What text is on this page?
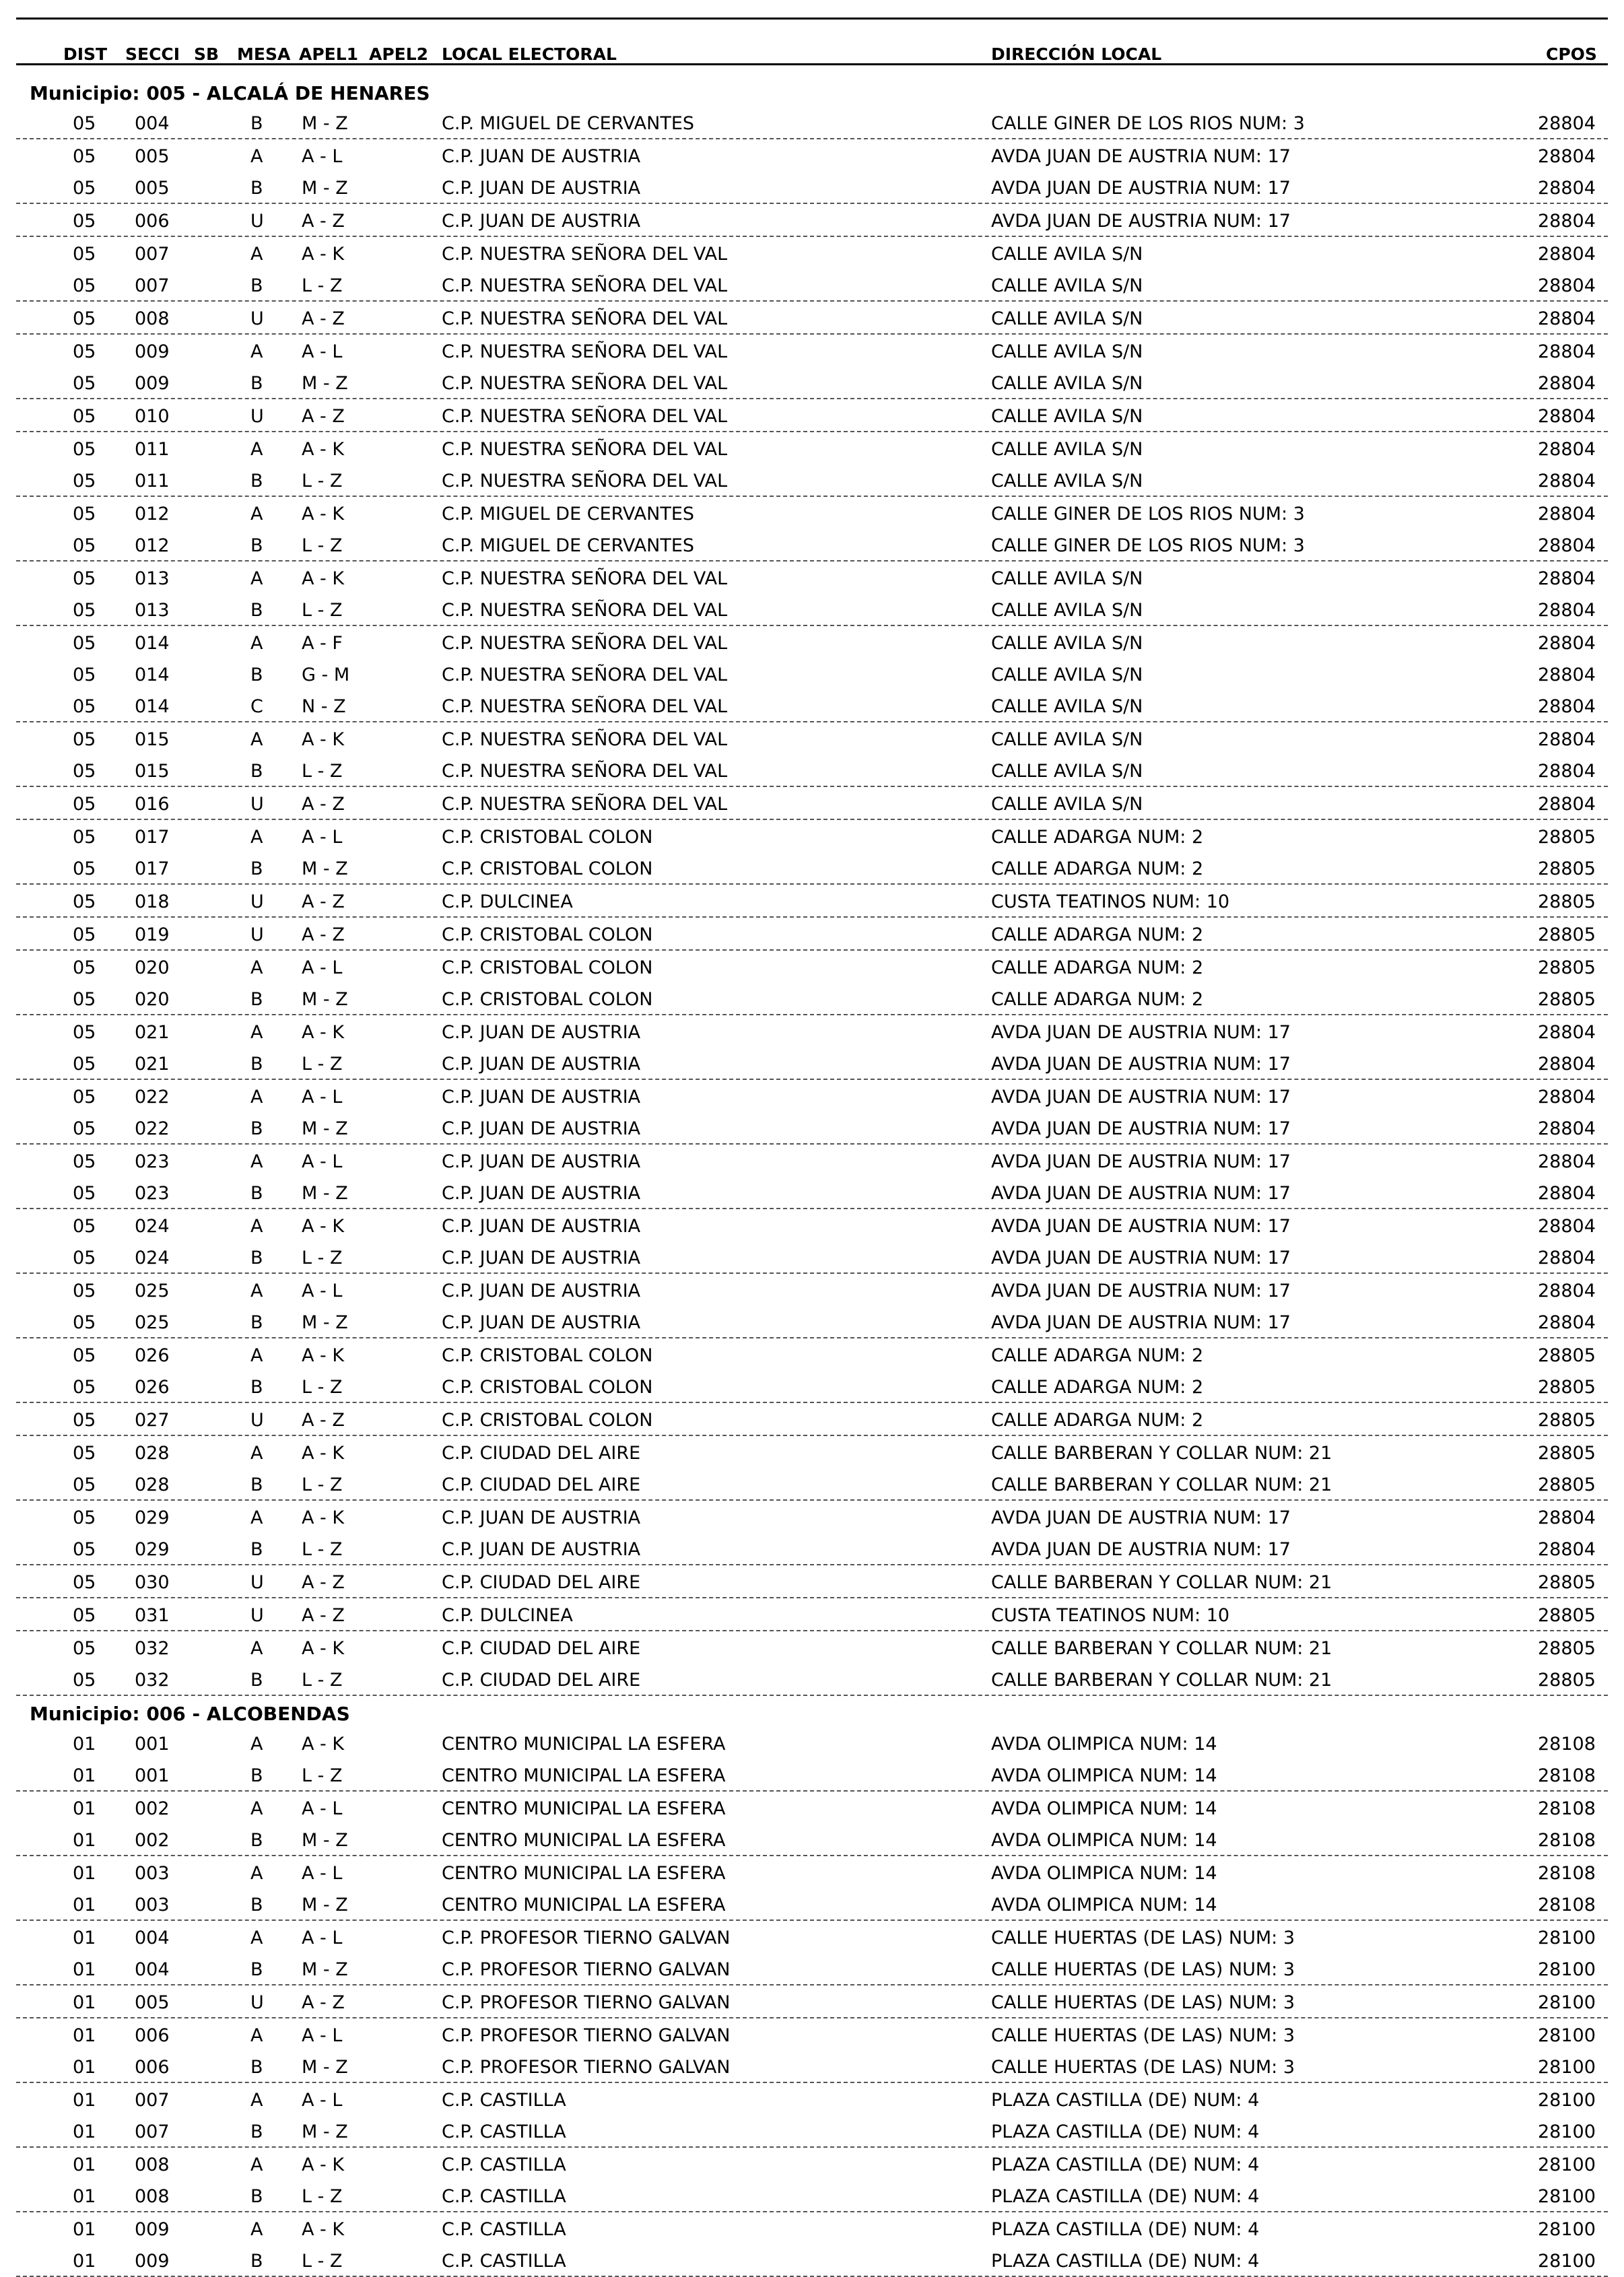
DIST SECCI SB MESA APEL1 APEL2 LOCAL ELECTORAL	DIRECCIÓN LOCAL	CPOS
Municipio: 005 - ALCALÁ DE HENARES
05	004	B	M - Z	C.P. MIGUEL DE CERVANTES	CALLE GINER DE LOS RIOS NUM: 3	28804
05	005	A	A - L	C.P. JUAN DE AUSTRIA	AVDA JUAN DE AUSTRIA NUM: 17	28804
05	005	B	M - Z	C.P. JUAN DE AUSTRIA	AVDA JUAN DE AUSTRIA NUM: 17	28804
05	006	U	A - Z	C.P. JUAN DE AUSTRIA	AVDA JUAN DE AUSTRIA NUM: 17	28804
05	007	A	A - K	C.P. NUESTRA SEÑORA DEL VAL	CALLE AVILA S/N	28804
05	007	B	L - Z	C.P. NUESTRA SEÑORA DEL VAL	CALLE AVILA S/N	28804
05	008	U	A - Z	C.P. NUESTRA SEÑORA DEL VAL	CALLE AVILA S/N	28804
05	009	A	A - L	C.P. NUESTRA SEÑORA DEL VAL	CALLE AVILA S/N	28804
05	009	B	M - Z	C.P. NUESTRA SEÑORA DEL VAL	CALLE AVILA S/N	28804
05	010	U	A - Z	C.P. NUESTRA SEÑORA DEL VAL	CALLE AVILA S/N	28804
05	011	A	A - K	C.P. NUESTRA SEÑORA DEL VAL	CALLE AVILA S/N	28804
05	011	B	L - Z	C.P. NUESTRA SEÑORA DEL VAL	CALLE AVILA S/N	28804
05	012	A	A - K	C.P. MIGUEL DE CERVANTES	CALLE GINER DE LOS RIOS NUM: 3	28804
05	012	B	L - Z	C.P. MIGUEL DE CERVANTES	CALLE GINER DE LOS RIOS NUM: 3	28804
05	013	A	A - K	C.P. NUESTRA SEÑORA DEL VAL	CALLE AVILA S/N	28804
05	013	B	L - Z	C.P. NUESTRA SEÑORA DEL VAL	CALLE AVILA S/N	28804
05	014	A	A - F	C.P. NUESTRA SEÑORA DEL VAL	CALLE AVILA S/N	28804
05	014	B	G - M	C.P. NUESTRA SEÑORA DEL VAL	CALLE AVILA S/N	28804
05	014	C	N - Z	C.P. NUESTRA SEÑORA DEL VAL	CALLE AVILA S/N	28804
05	015	A	A - K	C.P. NUESTRA SEÑORA DEL VAL	CALLE AVILA S/N	28804
05	015	B	L - Z	C.P. NUESTRA SEÑORA DEL VAL	CALLE AVILA S/N	28804
05	016	U	A - Z	C.P. NUESTRA SEÑORA DEL VAL	CALLE AVILA S/N	28804
05	017	A	A - L	C.P. CRISTOBAL COLON	CALLE ADARGA NUM: 2	28805
05	017	B	M - Z	C.P. CRISTOBAL COLON	CALLE ADARGA NUM: 2	28805
05	018	U	A - Z	C.P. DULCINEA	CUSTA TEATINOS NUM: 10	28805
05	019	U	A - Z	C.P. CRISTOBAL COLON	CALLE ADARGA NUM: 2	28805
05	020	A	A - L	C.P. CRISTOBAL COLON	CALLE ADARGA NUM: 2	28805
05	020	B	M - Z	C.P. CRISTOBAL COLON	CALLE ADARGA NUM: 2	28805
05	021	A	A - K	C.P. JUAN DE AUSTRIA	AVDA JUAN DE AUSTRIA NUM: 17	28804
05	021	B	L - Z	C.P. JUAN DE AUSTRIA	AVDA JUAN DE AUSTRIA NUM: 17	28804
05	022	A	A - L	C.P. JUAN DE AUSTRIA	AVDA JUAN DE AUSTRIA NUM: 17	28804
05	022	B	M - Z	C.P. JUAN DE AUSTRIA	AVDA JUAN DE AUSTRIA NUM: 17	28804
05	023	A	A - L	C.P. JUAN DE AUSTRIA	AVDA JUAN DE AUSTRIA NUM: 17	28804
05	023	B	M - Z	C.P. JUAN DE AUSTRIA	AVDA JUAN DE AUSTRIA NUM: 17	28804
05	024	A	A - K	C.P. JUAN DE AUSTRIA	AVDA JUAN DE AUSTRIA NUM: 17	28804
05	024	B	L - Z	C.P. JUAN DE AUSTRIA	AVDA JUAN DE AUSTRIA NUM: 17	28804
05	025	A	A - L	C.P. JUAN DE AUSTRIA	AVDA JUAN DE AUSTRIA NUM: 17	28804
05	025	B	M - Z	C.P. JUAN DE AUSTRIA	AVDA JUAN DE AUSTRIA NUM: 17	28804
05	026	A	A - K	C.P. CRISTOBAL COLON	CALLE ADARGA NUM: 2	28805
05	026	B	L - Z	C.P. CRISTOBAL COLON	CALLE ADARGA NUM: 2	28805
05	027	U	A - Z	C.P. CRISTOBAL COLON	CALLE ADARGA NUM: 2	28805
05	028	A	A - K	C.P. CIUDAD DEL AIRE	CALLE BARBERAN Y COLLAR NUM: 21	28805
05	028	B	L - Z	C.P. CIUDAD DEL AIRE	CALLE BARBERAN Y COLLAR NUM: 21	28805
05	029	A	A - K	C.P. JUAN DE AUSTRIA	AVDA JUAN DE AUSTRIA NUM: 17	28804
05	029	B	L - Z	C.P. JUAN DE AUSTRIA	AVDA JUAN DE AUSTRIA NUM: 17	28804
05	030	U	A - Z	C.P. CIUDAD DEL AIRE	CALLE BARBERAN Y COLLAR NUM: 21	28805
05	031	U	A - Z	C.P. DULCINEA	CUSTA TEATINOS NUM: 10	28805
05	032	A	A - K	C.P. CIUDAD DEL AIRE	CALLE BARBERAN Y COLLAR NUM: 21	28805
05	032	B	L - Z	C.P. CIUDAD DEL AIRE	CALLE BARBERAN Y COLLAR NUM: 21	28805
Municipio: 006 - ALCOBENDAS
01	001	A	A - K	CENTRO MUNICIPAL LA ESFERA	AVDA OLIMPICA NUM: 14	28108
01	001	B	L - Z	CENTRO MUNICIPAL LA ESFERA	AVDA OLIMPICA NUM: 14	28108
01	002	A	A - L	CENTRO MUNICIPAL LA ESFERA	AVDA OLIMPICA NUM: 14	28108
01	002	B	M - Z	CENTRO MUNICIPAL LA ESFERA	AVDA OLIMPICA NUM: 14	28108
01	003	A	A - L	CENTRO MUNICIPAL LA ESFERA	AVDA OLIMPICA NUM: 14	28108
01	003	B	M - Z	CENTRO MUNICIPAL LA ESFERA	AVDA OLIMPICA NUM: 14	28108
01	004	A	A - L	C.P. PROFESOR TIERNO GALVAN	CALLE HUERTAS (DE LAS) NUM: 3	28100
01	004	B	M - Z	C.P. PROFESOR TIERNO GALVAN	CALLE HUERTAS (DE LAS) NUM: 3	28100
01	005	U	A - Z	C.P. PROFESOR TIERNO GALVAN	CALLE HUERTAS (DE LAS) NUM: 3	28100
01	006	A	A - L	C.P. PROFESOR TIERNO GALVAN	CALLE HUERTAS (DE LAS) NUM: 3	28100
01	006	B	M - Z	C.P. PROFESOR TIERNO GALVAN	CALLE HUERTAS (DE LAS) NUM: 3	28100
01	007	A	A - L	C.P. CASTILLA	PLAZA CASTILLA (DE) NUM: 4	28100
01	007	B	M - Z	C.P. CASTILLA	PLAZA CASTILLA (DE) NUM: 4	28100
01	008	A	A - K	C.P. CASTILLA	PLAZA CASTILLA (DE) NUM: 4	28100
01	008	B	L - Z	C.P. CASTILLA	PLAZA CASTILLA (DE) NUM: 4	28100
01	009	A	A - K	C.P. CASTILLA	PLAZA CASTILLA (DE) NUM: 4	28100
01	009	B	L - Z	C.P. CASTILLA	PLAZA CASTILLA (DE) NUM: 4	28100
